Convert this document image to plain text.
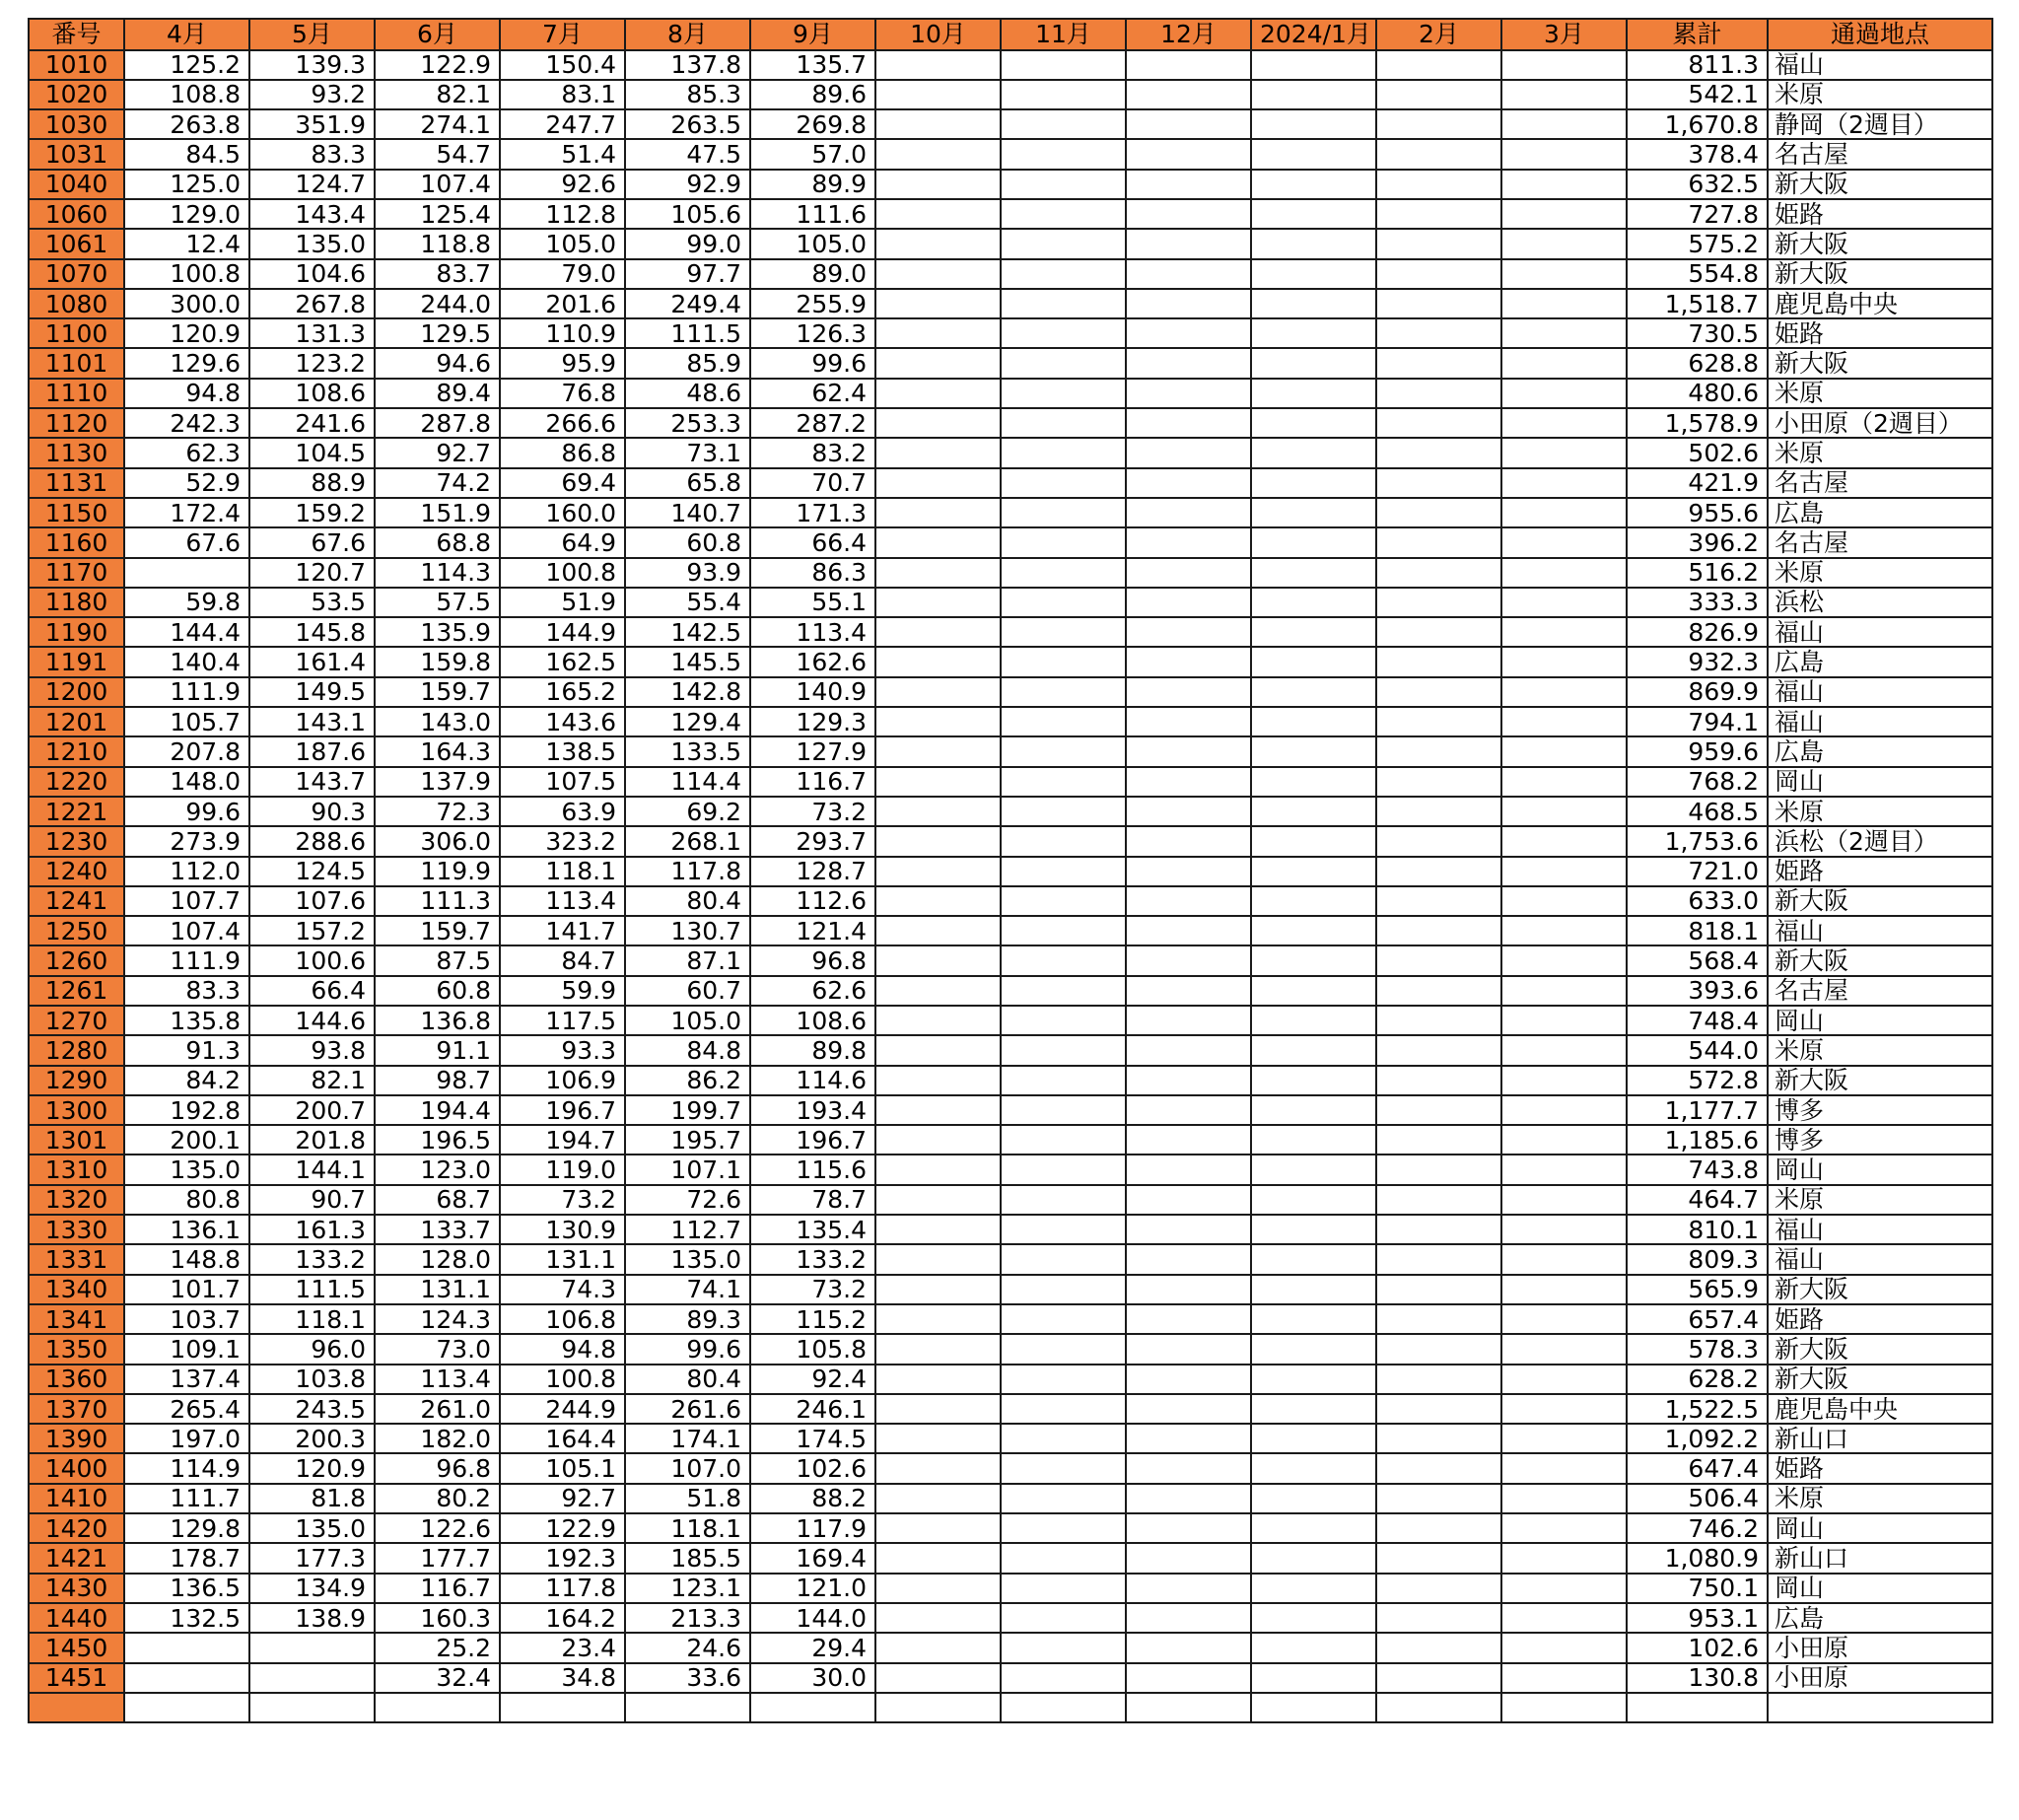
番号	4月	5月	6月	7月	8月	9月	10月	11月	12月	2024/1月	2月	3月	累計	通過地点
1010	125.2	139.3	122.9	150.4	137.8	135.7							811.3	福山
1020	108.8	93.2	82.1	83.1	85.3	89.6							542.1	米原
1030	263.8	351.9	274.1	247.7	263.5	269.8							1,670.8	静岡（2週目）
1031	84.5	83.3	54.7	51.4	47.5	57.0							378.4	名古屋
1040	125.0	124.7	107.4	92.6	92.9	89.9							632.5	新大阪
1060	129.0	143.4	125.4	112.8	105.6	111.6							727.8	姫路
1061	12.4	135.0	118.8	105.0	99.0	105.0							575.2	新大阪
1070	100.8	104.6	83.7	79.0	97.7	89.0							554.8	新大阪
1080	300.0	267.8	244.0	201.6	249.4	255.9							1,518.7	鹿児島中央
1100	120.9	131.3	129.5	110.9	111.5	126.3							730.5	姫路
1101	129.6	123.2	94.6	95.9	85.9	99.6							628.8	新大阪
1110	94.8	108.6	89.4	76.8	48.6	62.4							480.6	米原
1120	242.3	241.6	287.8	266.6	253.3	287.2							1,578.9	小田原（2週目）
1130	62.3	104.5	92.7	86.8	73.1	83.2							502.6	米原
1131	52.9	88.9	74.2	69.4	65.8	70.7							421.9	名古屋
1150	172.4	159.2	151.9	160.0	140.7	171.3							955.6	広島
1160	67.6	67.6	68.8	64.9	60.8	66.4							396.2	名古屋
1170		120.7	114.3	100.8	93.9	86.3							516.2	米原
1180	59.8	53.5	57.5	51.9	55.4	55.1							333.3	浜松
1190	144.4	145.8	135.9	144.9	142.5	113.4							826.9	福山
1191	140.4	161.4	159.8	162.5	145.5	162.6							932.3	広島
1200	111.9	149.5	159.7	165.2	142.8	140.9							869.9	福山
1201	105.7	143.1	143.0	143.6	129.4	129.3							794.1	福山
1210	207.8	187.6	164.3	138.5	133.5	127.9							959.6	広島
1220	148.0	143.7	137.9	107.5	114.4	116.7							768.2	岡山
1221	99.6	90.3	72.3	63.9	69.2	73.2							468.5	米原
1230	273.9	288.6	306.0	323.2	268.1	293.7							1,753.6	浜松（2週目）
1240	112.0	124.5	119.9	118.1	117.8	128.7							721.0	姫路
1241	107.7	107.6	111.3	113.4	80.4	112.6							633.0	新大阪
1250	107.4	157.2	159.7	141.7	130.7	121.4							818.1	福山
1260	111.9	100.6	87.5	84.7	87.1	96.8							568.4	新大阪
1261	83.3	66.4	60.8	59.9	60.7	62.6							393.6	名古屋
1270	135.8	144.6	136.8	117.5	105.0	108.6							748.4	岡山
1280	91.3	93.8	91.1	93.3	84.8	89.8							544.0	米原
1290	84.2	82.1	98.7	106.9	86.2	114.6							572.8	新大阪
1300	192.8	200.7	194.4	196.7	199.7	193.4							1,177.7	博多
1301	200.1	201.8	196.5	194.7	195.7	196.7							1,185.6	博多
1310	135.0	144.1	123.0	119.0	107.1	115.6							743.8	岡山
1320	80.8	90.7	68.7	73.2	72.6	78.7							464.7	米原
1330	136.1	161.3	133.7	130.9	112.7	135.4							810.1	福山
1331	148.8	133.2	128.0	131.1	135.0	133.2							809.3	福山
1340	101.7	111.5	131.1	74.3	74.1	73.2							565.9	新大阪
1341	103.7	118.1	124.3	106.8	89.3	115.2							657.4	姫路
1350	109.1	96.0	73.0	94.8	99.6	105.8							578.3	新大阪
1360	137.4	103.8	113.4	100.8	80.4	92.4							628.2	新大阪
1370	265.4	243.5	261.0	244.9	261.6	246.1							1,522.5	鹿児島中央
1390	197.0	200.3	182.0	164.4	174.1	174.5							1,092.2	新山口
1400	114.9	120.9	96.8	105.1	107.0	102.6							647.4	姫路
1410	111.7	81.8	80.2	92.7	51.8	88.2							506.4	米原
1420	129.8	135.0	122.6	122.9	118.1	117.9							746.2	岡山
1421	178.7	177.3	177.7	192.3	185.5	169.4							1,080.9	新山口
1430	136.5	134.9	116.7	117.8	123.1	121.0							750.1	岡山
1440	132.5	138.9	160.3	164.2	213.3	144.0							953.1	広島
1450			25.2	23.4	24.6	29.4							102.6	小田原
1451			32.4	34.8	33.6	30.0							130.8	小田原
